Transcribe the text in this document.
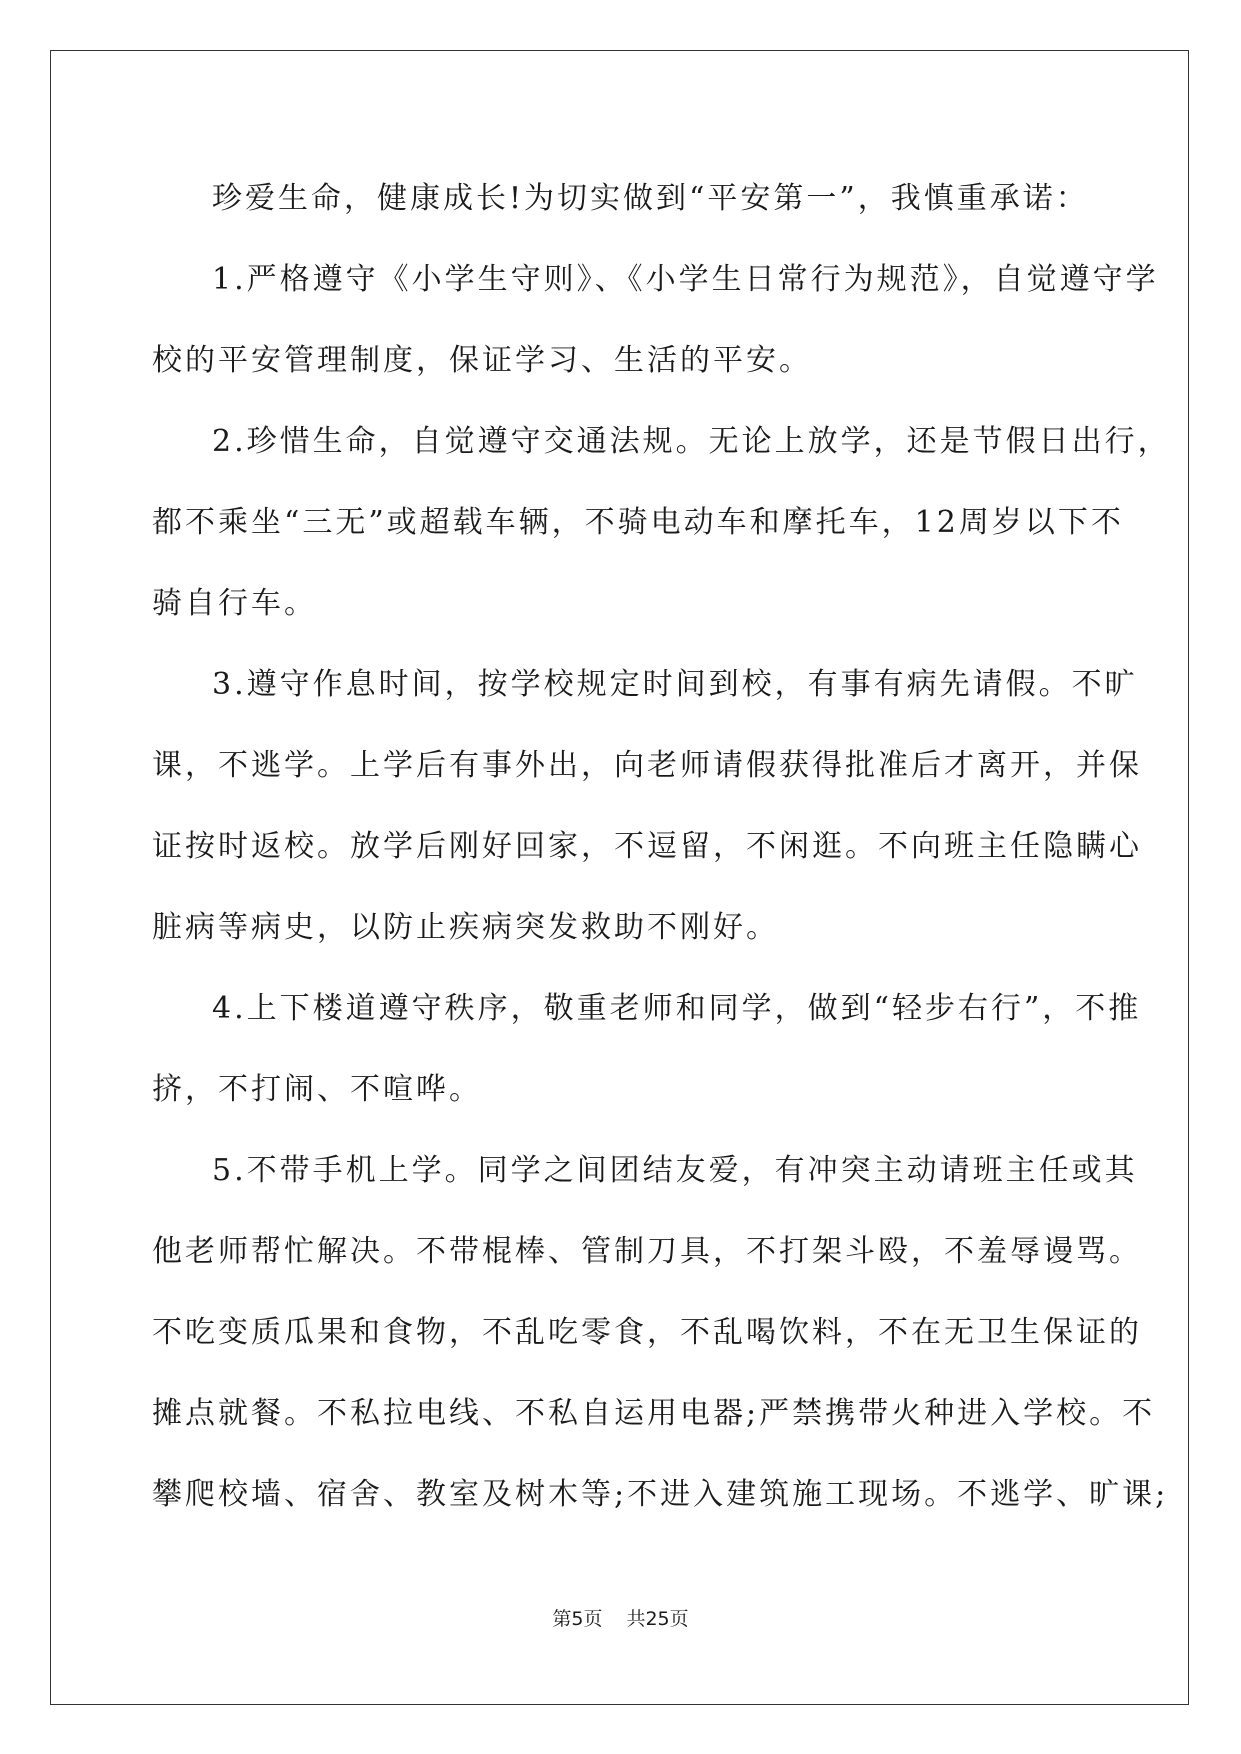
珍爱生命，健康成长!为切实做到“平安第一”，我慎重承诺：
1.严格遵守《小学生守则》、《小学生日常行为规范》，自觉遵守学
校的平安管理制度，保证学习、生活的平安。
2.珍惜生命，自觉遵守交通法规。无论上放学，还是节假日出行，
都不乘坐“三无”或超载车辆，不骑电动车和摩托车，12周岁以下不
骑自行车。
3.遵守作息时间，按学校规定时间到校，有事有病先请假。不旷
课，不逃学。上学后有事外出，向老师请假获得批准后才离开，并保
证按时返校。放学后刚好回家，不逗留，不闲逛。不向班主任隐瞒心
脏病等病史，以防止疾病突发救助不刚好。
4.上下楼道遵守秩序，敬重老师和同学，做到“轻步右行”，不推
挤，不打闹、不喧哗。
5.不带手机上学。同学之间团结友爱，有冲突主动请班主任或其
他老师帮忙解决。不带棍棒、管制刀具，不打架斗殴，不羞辱谩骂。
不吃变质瓜果和食物，不乱吃零食，不乱喝饮料，不在无卫生保证的
摊点就餐。不私拉电线、不私自运用电器;严禁携带火种进入学校。不
攀爬校墙、宿舍、教室及树木等;不进入建筑施工现场。不逃学、旷课;
第5页 共25页
